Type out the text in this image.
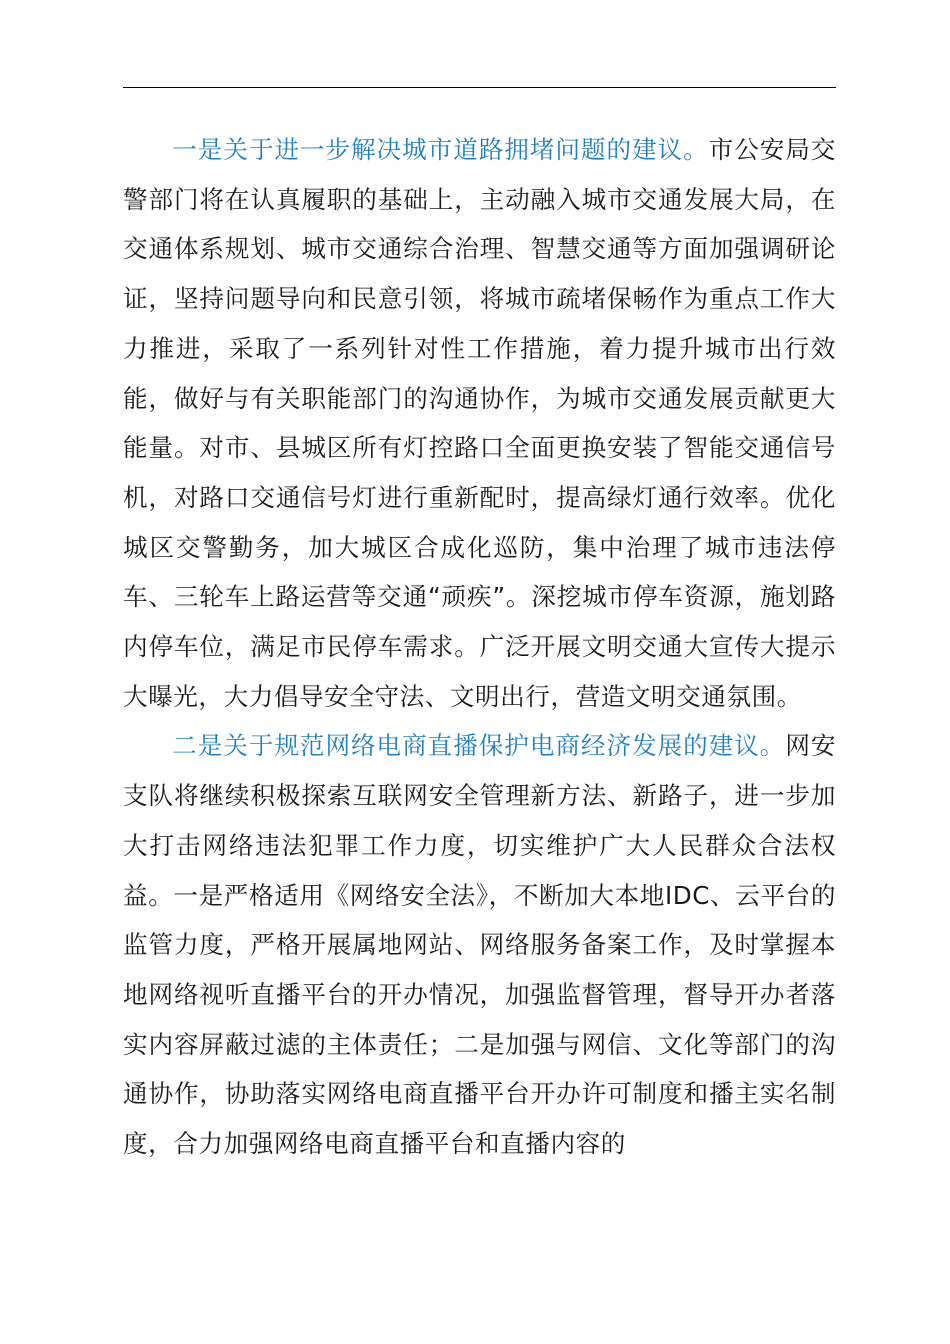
一是关于进一步解决城市道路拥堵问题的建议。市公安局交警部门将在认真履职的基础上，主动融入城市交通发展大局，在交通体系规划、城市交通综合治理、智慧交通等方面加强调研论证，坚持问题导向和民意引领，将城市疏堵保畅作为重点工作大力推进，采取了一系列针对性工作措施，着力提升城市出行效能，做好与有关职能部门的沟通协作，为城市交通发展贡献更大能量。对市、县城区所有灯控路口全面更换安装了智能交通信号机，对路口交通信号灯进行重新配时，提高绿灯通行效率。优化城区交警勤务，加大城区合成化巡防，集中治理了城市违法停车、三轮车上路运营等交通“顽疾”。深挖城市停车资源，施划路内停车位，满足市民停车需求。广泛开展文明交通大宣传大提示大曝光，大力倡导安全守法、文明出行，营造文明交通氛围。

二是关于规范网络电商直播保护电商经济发展的建议。网安支队将继续积极探索互联网安全管理新方法、新路子，进一步加大打击网络违法犯罪工作力度，切实维护广大人民群众合法权益。一是严格适用《网络安全法》，不断加大本地IDC、云平台的监管力度，严格开展属地网站、网络服务备案工作，及时掌握本地网络视听直播平台的开办情况，加强监督管理，督导开办者落实内容屏蔽过滤的主体责任；二是加强与网信、文化等部门的沟通协作，协助落实网络电商直播平台开办许可制度和播主实名制度，合力加强网络电商直播平台和直播内容的
